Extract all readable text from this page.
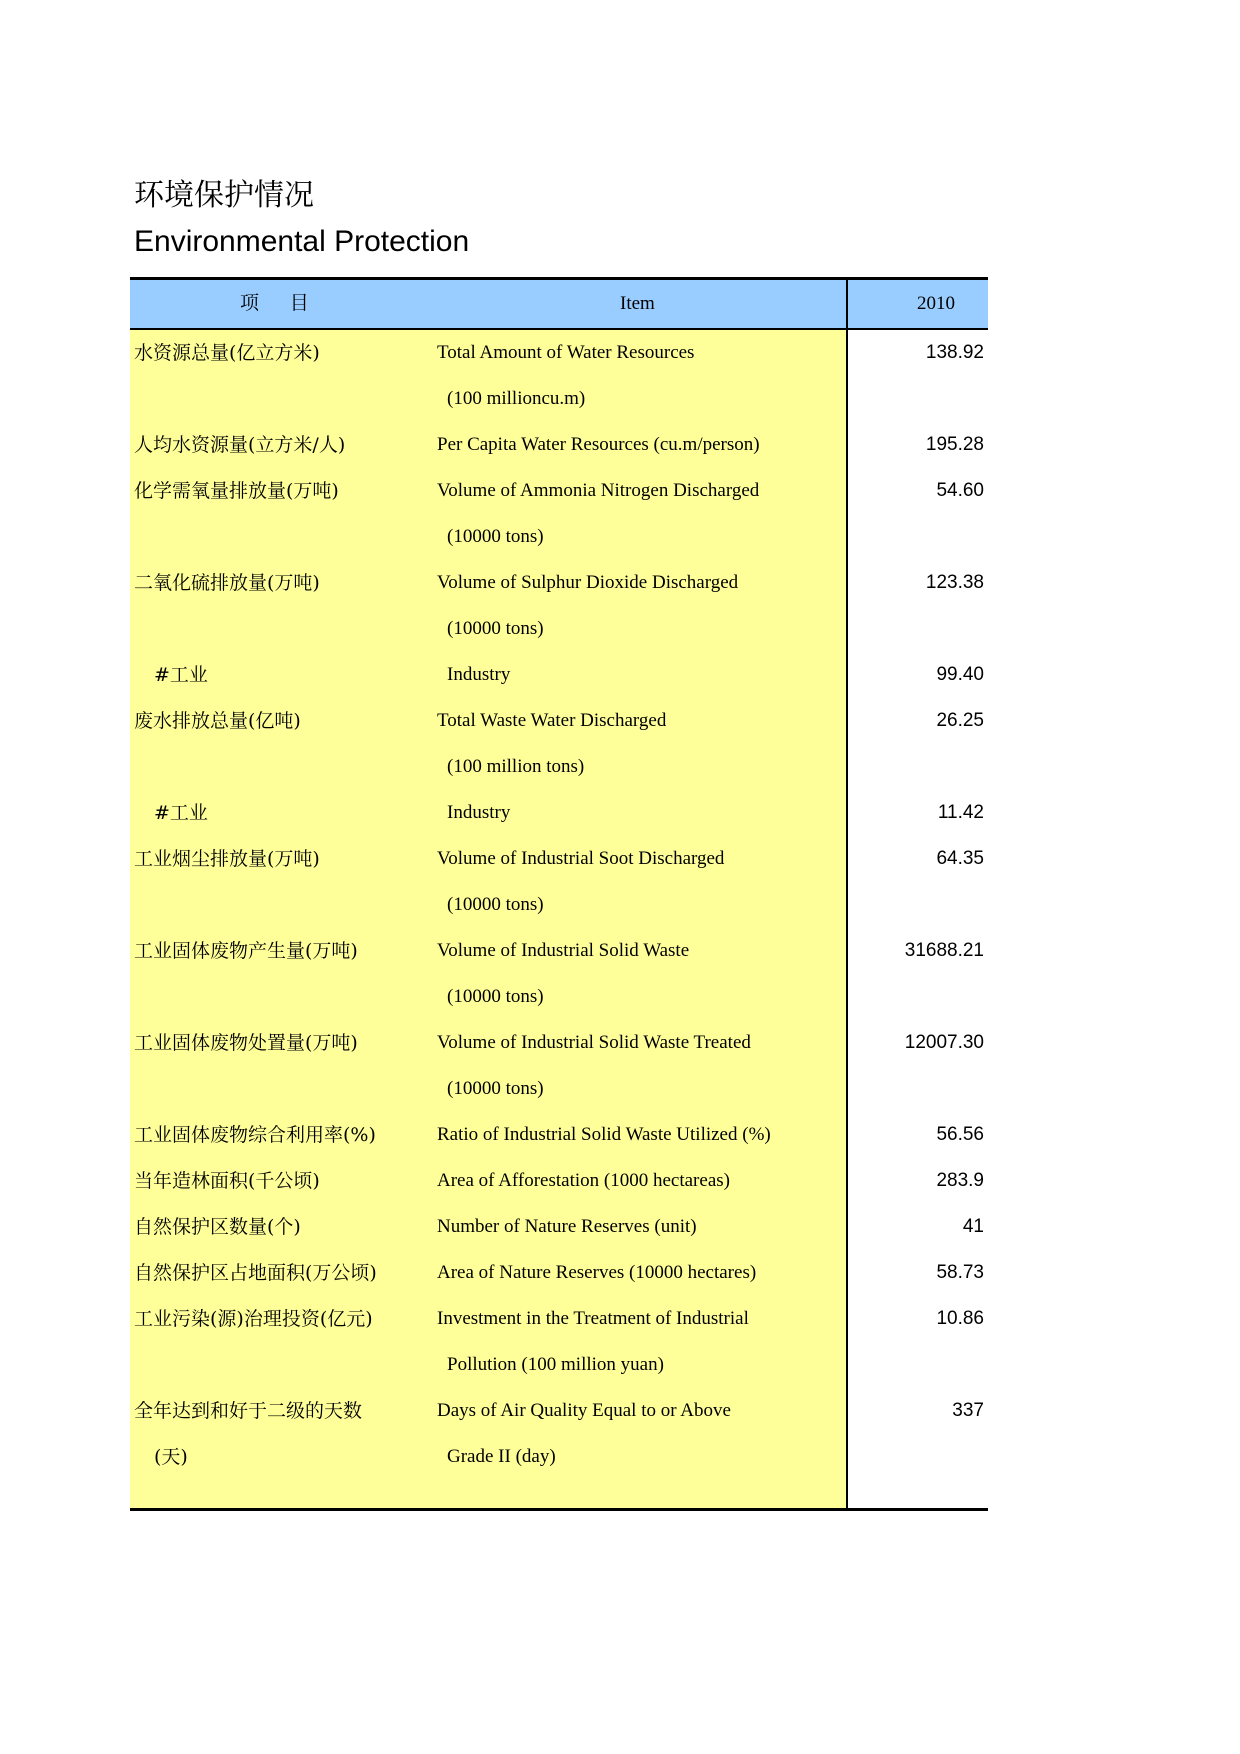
环境保护情况
Environmental Protection
项 目	Item	2010
水资源总量(亿立方米)	Total Amount of Water Resources	138.92
(100 millioncu.m)
人均水资源量(立方米/人)	Per Capita Water Resources (cu.m/person)	195.28
化学需氧量排放量(万吨)	Volume of Ammonia Nitrogen Discharged	54.60
(10000 tons)
二氧化硫排放量(万吨)	Volume of Sulphur Dioxide Discharged	123.38
(10000 tons)
#工业	Industry	99.40
废水排放总量(亿吨)	Total Waste Water Discharged	26.25
(100 million tons)
#工业	Industry	11.42
工业烟尘排放量(万吨)	Volume of Industrial Soot Discharged	64.35
(10000 tons)
工业固体废物产生量(万吨)	Volume of Industrial Solid Waste	31688.21
(10000 tons)
工业固体废物处置量(万吨)	Volume of Industrial Solid Waste Treated	12007.30
(10000 tons)
工业固体废物综合利用率(%)	Ratio of Industrial Solid Waste Utilized (%)	56.56
当年造林面积(千公顷)	Area of Afforestation (1000 hectareas)	283.9
自然保护区数量(个)	Number of Nature Reserves (unit)	41
自然保护区占地面积(万公顷)	Area of Nature Reserves (10000 hectares)	58.73
工业污染(源)治理投资(亿元)	Investment in the Treatment of Industrial	10.86
Pollution (100 million yuan)
全年达到和好于二级的天数	Days of Air Quality Equal to or Above	337
(天)	Grade II (day)
